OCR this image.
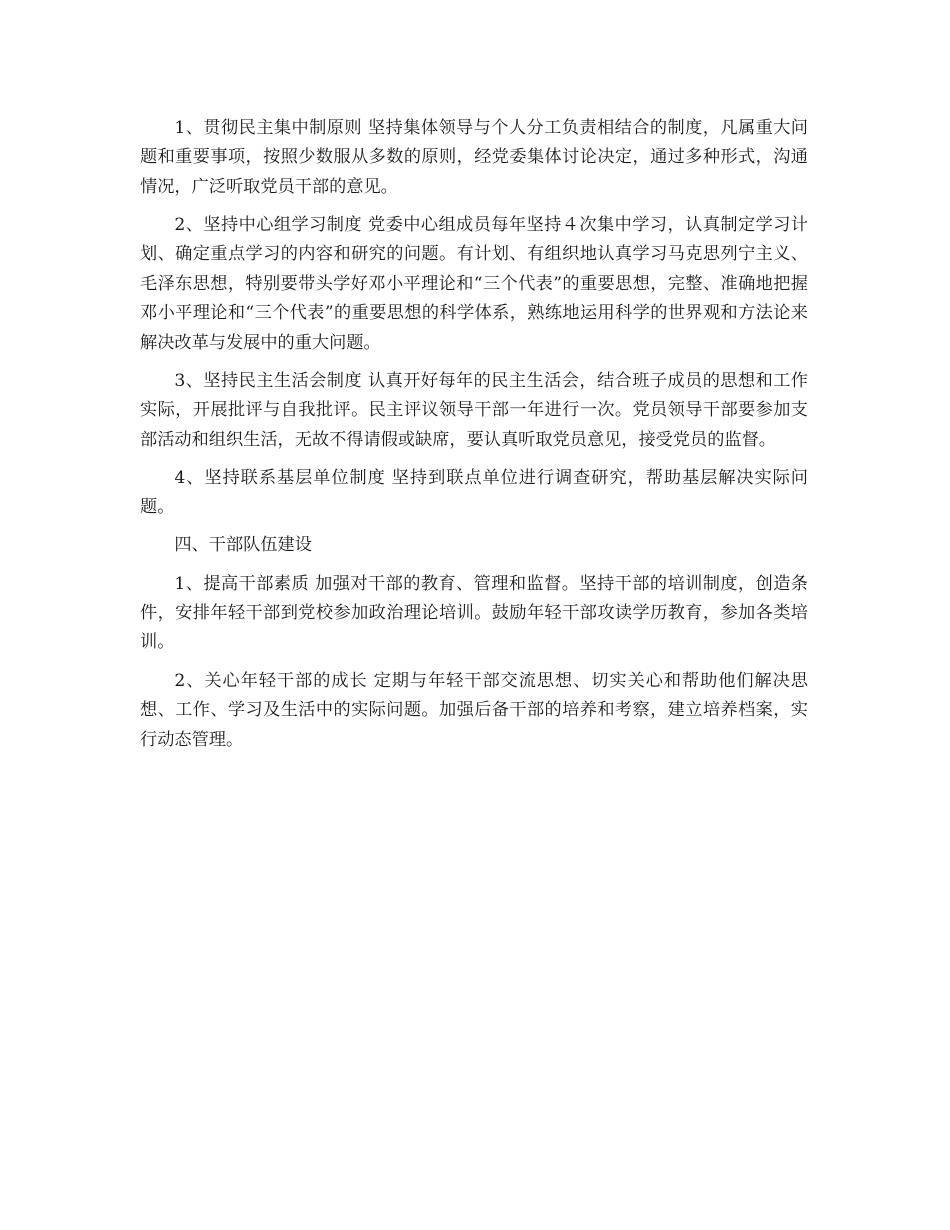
1、贯彻民主集中制原则 坚持集体领导与个人分工负责相结合的制度，凡属重大问题和重要事项，按照少数服从多数的原则，经党委集体讨论决定，通过多种形式，沟通情况，广泛听取党员干部的意见。

2、坚持中心组学习制度 党委中心组成员每年坚持４次集中学习，认真制定学习计划、确定重点学习的内容和研究的问题。有计划、有组织地认真学习马克思列宁主义、毛泽东思想，特别要带头学好邓小平理论和“三个代表”的重要思想，完整、准确地把握邓小平理论和“三个代表”的重要思想的科学体系，熟练地运用科学的世界观和方法论来解决改革与发展中的重大问题。

3、坚持民主生活会制度 认真开好每年的民主生活会，结合班子成员的思想和工作实际，开展批评与自我批评。民主评议领导干部一年进行一次。党员领导干部要参加支部活动和组织生活，无故不得请假或缺席，要认真听取党员意见，接受党员的监督。

4、坚持联系基层单位制度 坚持到联点单位进行调查研究，帮助基层解决实际问题。

四、干部队伍建设

1、提高干部素质 加强对干部的教育、管理和监督。坚持干部的培训制度，创造条件，安排年轻干部到党校参加政治理论培训。鼓励年轻干部攻读学历教育，参加各类培训。

2、关心年轻干部的成长 定期与年轻干部交流思想、切实关心和帮助他们解决思想、工作、学习及生活中的实际问题。加强后备干部的培养和考察，建立培养档案，实行动态管理。
